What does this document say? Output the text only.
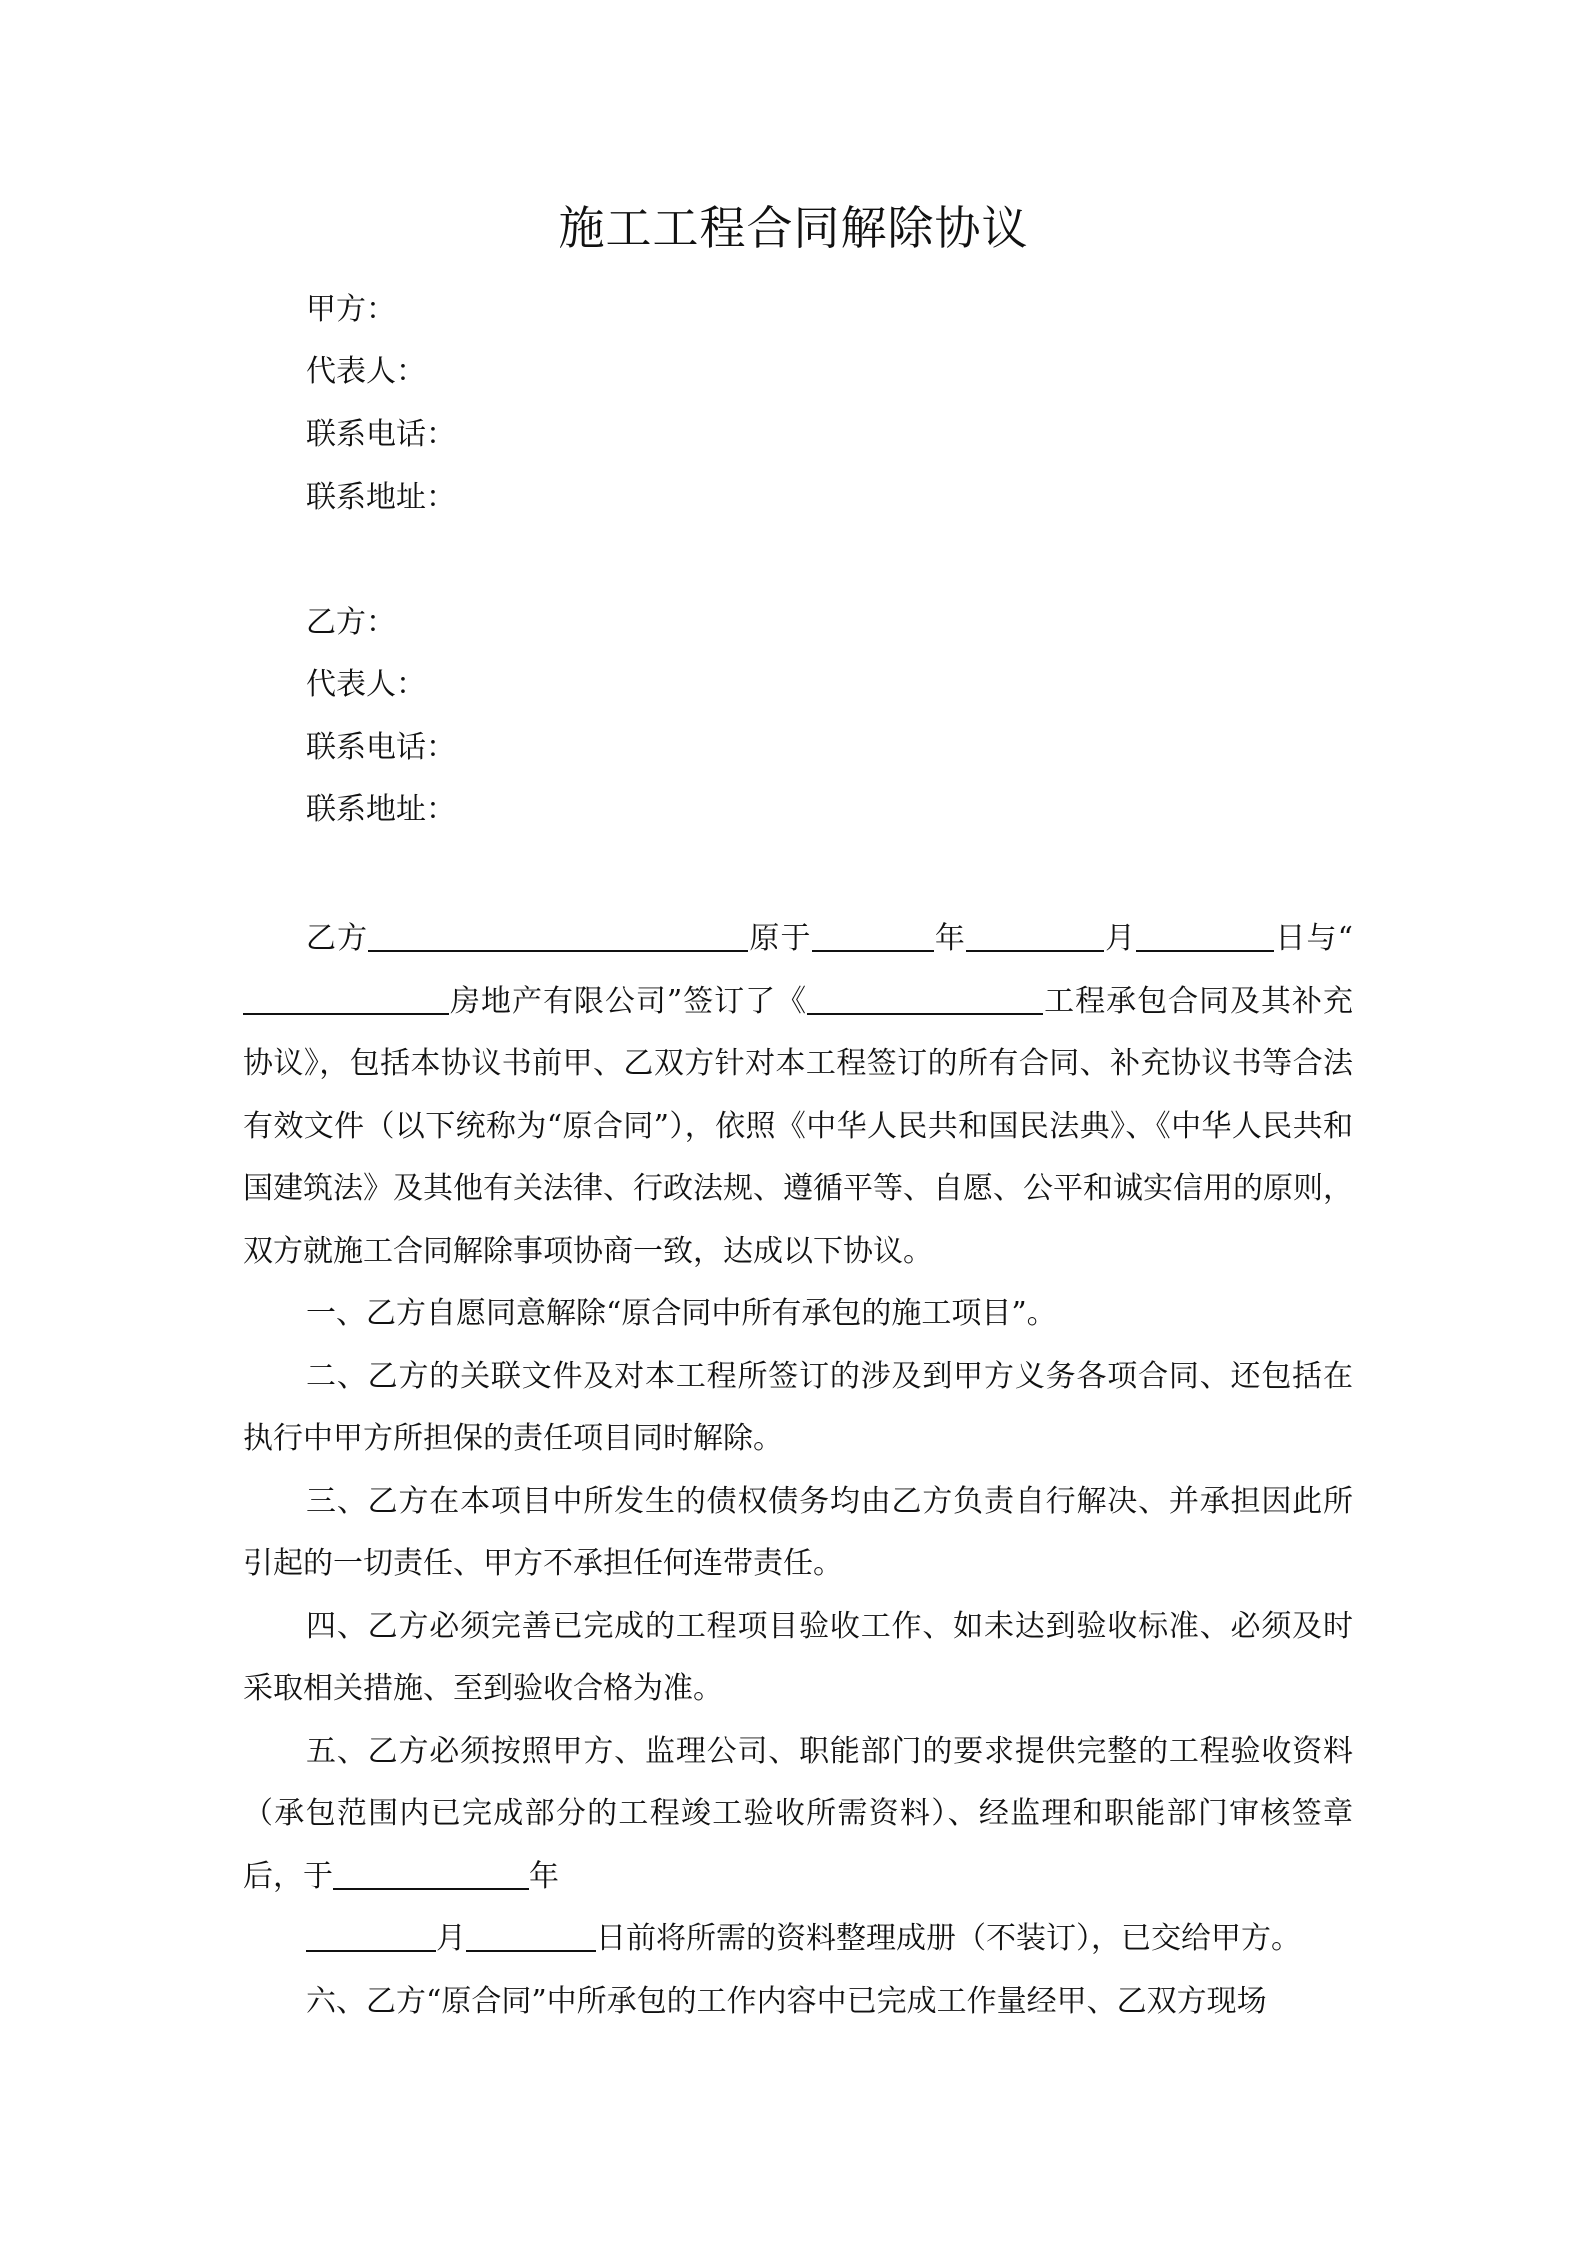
施工工程合同解除协议
甲方：
代表人：
联系电话：
联系地址：
乙方：
代表人：
联系电话：
联系地址：

乙方	原于	年	月	日与“房地产有限公司”签订了《	工程承包合同及其补充协议》，包括本协议书前甲、乙双方针对本工程签订的所有合同、补充协议书等合法有效文件（以下统称为“原合同”），依照《中华人民共和国民法典》、《中华人民共和国建筑法》及其他有关法律、行政法规、遵循平等、自愿、公平和诚实信用的原则，双方就施工合同解除事项协商一致，达成以下协议。

一、乙方自愿同意解除“原合同中所有承包的施工项目”。

二、乙方的关联文件及对本工程所签订的涉及到甲方义务各项合同、还包括在执行中甲方所担保的责任项目同时解除。

三、乙方在本项目中所发生的债权债务均由乙方负责自行解决、并承担因此所引起的一切责任、甲方不承担任何连带责任。

四、乙方必须完善已完成的工程项目验收工作、如未达到验收标准、必须及时采取相关措施、至到验收合格为准。

五、乙方必须按照甲方、监理公司、职能部门的要求提供完整的工程验收资料（承包范围内已完成部分的工程竣工验收所需资料）、经监理和职能部门审核签章后，于	年

月	日前将所需的资料整理成册（不装订），已交给甲方。

六、乙方“原合同”中所承包的工作内容中已完成工作量经甲、乙双方现场
